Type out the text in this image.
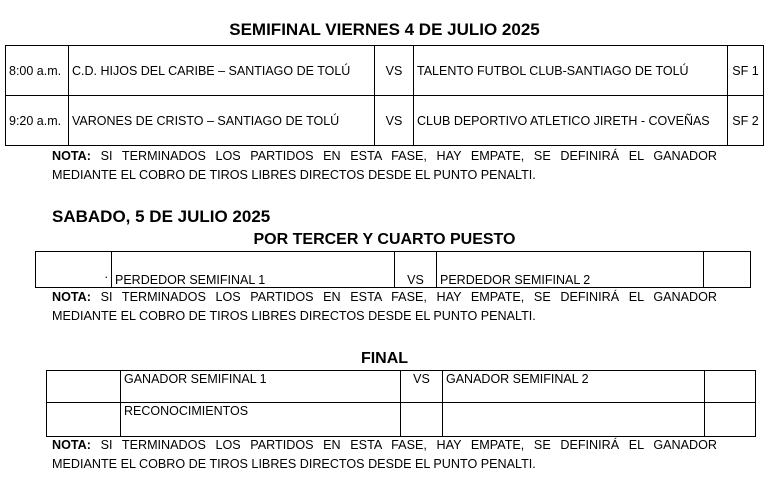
SEMIFINAL VIERNES 4 DE JULIO 2025
8:00 a.m.	C.D. HIJOS DEL CARIBE – SANTIAGO DE TOLÚ	VS	TALENTO FUTBOL CLUB-SANTIAGO DE TOLÚ	SF 1
9:20 a.m.	VARONES DE CRISTO – SANTIAGO DE TOLÚ	VS	CLUB DEPORTIVO ATLETICO JIRETH - COVEÑAS	SF 2
NOTA: SI TERMINADOS LOS PARTIDOS EN ESTA FASE, HAY EMPATE, SE DEFINIRÁ EL GANADOR
MEDIANTE EL COBRO DE TIROS LIBRES DIRECTOS DESDE EL PUNTO PENALTI.
SABADO, 5 DE JULIO 2025
POR TERCER Y CUARTO PUESTO
.	PERDEDOR SEMIFINAL 1	VS	PERDEDOR SEMIFINAL 2	
NOTA: SI TERMINADOS LOS PARTIDOS EN ESTA FASE, HAY EMPATE, SE DEFINIRÁ EL GANADOR
MEDIANTE EL COBRO DE TIROS LIBRES DIRECTOS DESDE EL PUNTO PENALTI.
FINAL
	GANADOR SEMIFINAL 1	VS	GANADOR SEMIFINAL 2	
	RECONOCIMIENTOS			
NOTA: SI TERMINADOS LOS PARTIDOS EN ESTA FASE, HAY EMPATE, SE DEFINIRÁ EL GANADOR
MEDIANTE EL COBRO DE TIROS LIBRES DIRECTOS DESDE EL PUNTO PENALTI.
